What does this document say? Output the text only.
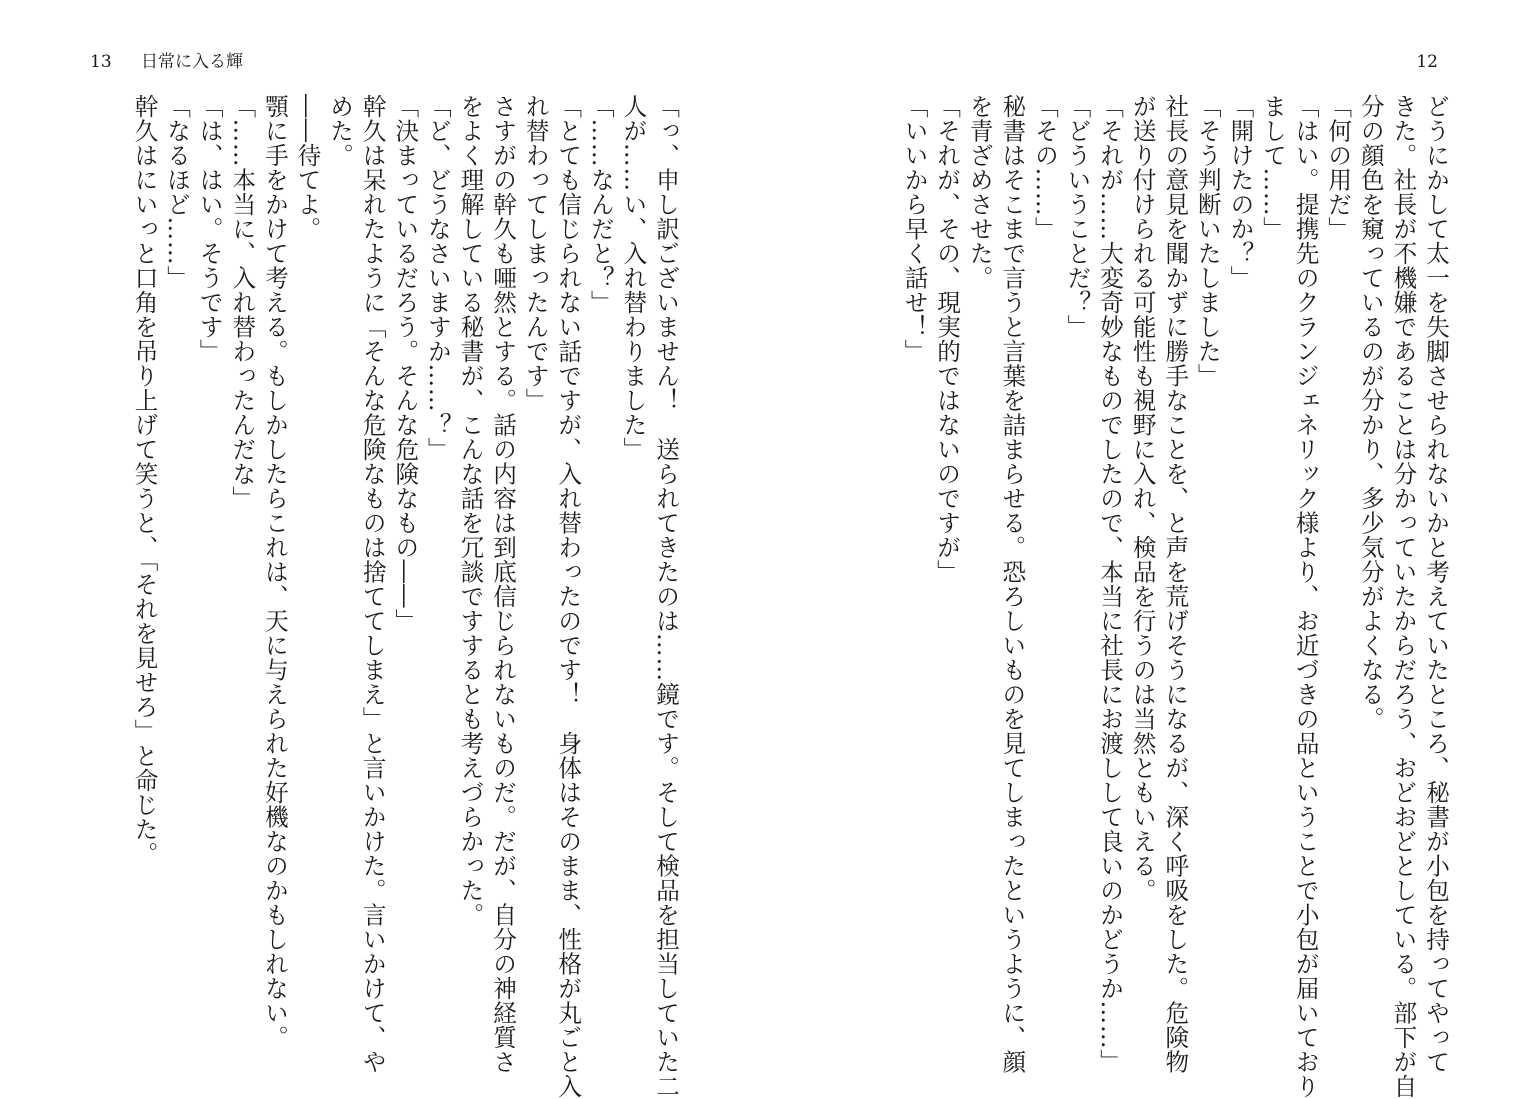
13 日常に入る輝
「っ、申し訳ございません！　送られてきたのは……鏡です。そして検品を担当していた二
人が……い、入れ替わりました」
「……なんだと？」
「とても信じられない話ですが、入れ替わったのです！　身体はそのまま、性格が丸ごと入
れ替わってしまったんです」
さすがの幹久も唖然とする。話の内容は到底信じられないものだ。だが、自分の神経質さ
をよく理解している秘書が、こんな話を冗談ですするとも考えづらかった。
「ど、どうなさいますか……？」
「決まっているだろう。そんな危険なもの――」
幹久は呆れたように「そんな危険なものは捨ててしまえ」と言いかけた。言いかけて、や
めた。
――待てよ。
顎に手をかけて考える。もしかしたらこれは、天に与えられた好機なのかもしれない。
「……本当に、入れ替わったんだな」
「は、はい。そうです」
「なるほど……」
幹久はにいっと口角を吊り上げて笑うと、「それを見せろ」と命じた。
12
どうにかして太一を失脚させられないかと考えていたところ、秘書が小包を持ってやって
きた。社長が不機嫌であることは分かっていたからだろう、おどおどとしている。部下が自
分の顔色を窺っているのが分かり、多少気分がよくなる。
「何の用だ」
「はい。提携先のクランジェネリック様より、お近づきの品ということで小包が届いており
まして……」
「開けたのか？」
「そう判断いたしました」
社長の意見を聞かずに勝手なことを、と声を荒げそうになるが、深く呼吸をした。危険物
が送り付けられる可能性も視野に入れ、検品を行うのは当然ともいえる。
「それが……大変奇妙なものでしたので、本当に社長にお渡しして良いのかどうか……」
「どういうことだ？」
「その……」
秘書はそこまで言うと言葉を詰まらせる。恐ろしいものを見てしまったというように、顔
を青ざめさせた。
「それが、その、現実的ではないのですが」
「いいから早く話せ！」
